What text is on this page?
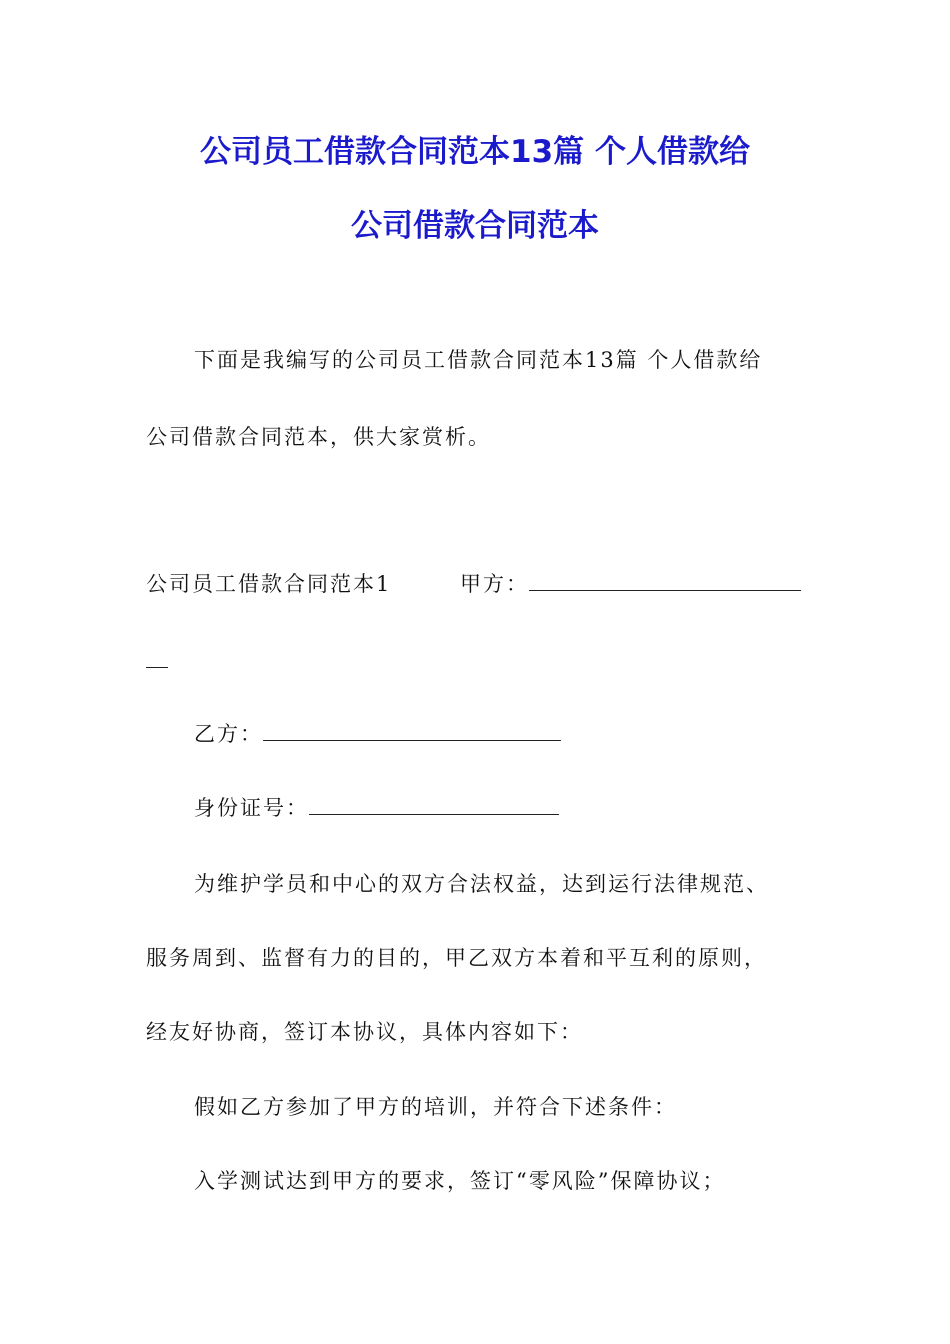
公司员工借款合同范本13篇 个人借款给
公司借款合同范本
下面是我编写的公司员工借款合同范本13篇 个人借款给
公司借款合同范本，供大家赏析。
公司员工借款合同范本1	甲方：
乙方：
身份证号：
为维护学员和中心的双方合法权益，达到运行法律规范、
服务周到、监督有力的目的，甲乙双方本着和平互利的原则，
经友好协商，签订本协议，具体内容如下：
假如乙方参加了甲方的培训，并符合下述条件：
入学测试达到甲方的要求，签订“零风险”保障协议；
